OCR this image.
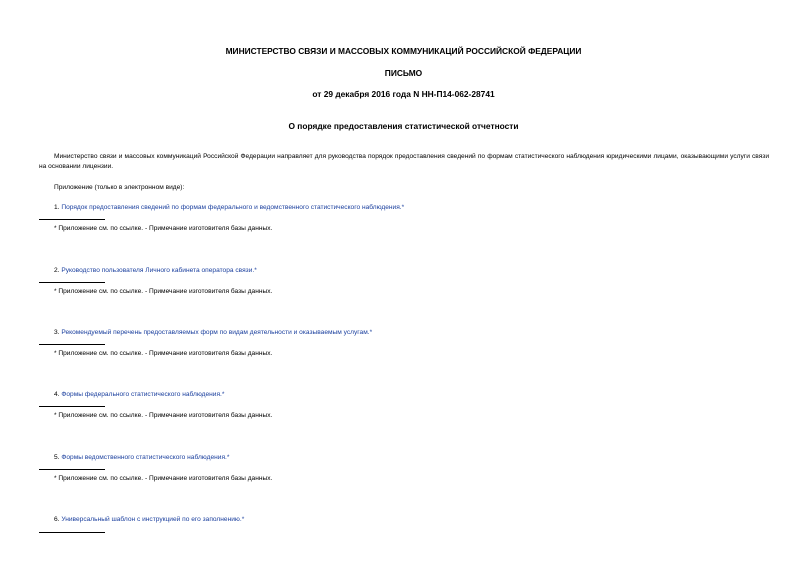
МИНИСТЕРСТВО СВЯЗИ И МАССОВЫХ КОММУНИКАЦИЙ РОССИЙСКОЙ ФЕДЕРАЦИИ
ПИСЬМО
от 29 декабря 2016 года N НН-П14-062-28741
О порядке предоставления статистической отчетности
Министерство связи и массовых коммуникаций Российской Федерации направляет для руководства порядок предоставления сведений по формам статистического наблюдения юридическими лицами, оказывающими услуги связи на основании лицензии.
Приложение (только в электронном виде):
1. Порядок предоставления сведений по формам федерального и ведомственного статистического наблюдения.*
* Приложение см. по ссылке. - Примечание изготовителя базы данных.
2. Руководство пользователя Личного кабинета оператора связи.*
* Приложение см. по ссылке. - Примечание изготовителя базы данных.
3. Рекомендуемый перечень предоставляемых форм по видам деятельности и оказываемым услугам.*
* Приложение см. по ссылке. - Примечание изготовителя базы данных.
4. Формы федерального статистического наблюдения.*
* Приложение см. по ссылке. - Примечание изготовителя базы данных.
5. Формы ведомственного статистического наблюдения.*
* Приложение см. по ссылке. - Примечание изготовителя базы данных.
6. Универсальный шаблон с инструкцией по его заполнению.*
